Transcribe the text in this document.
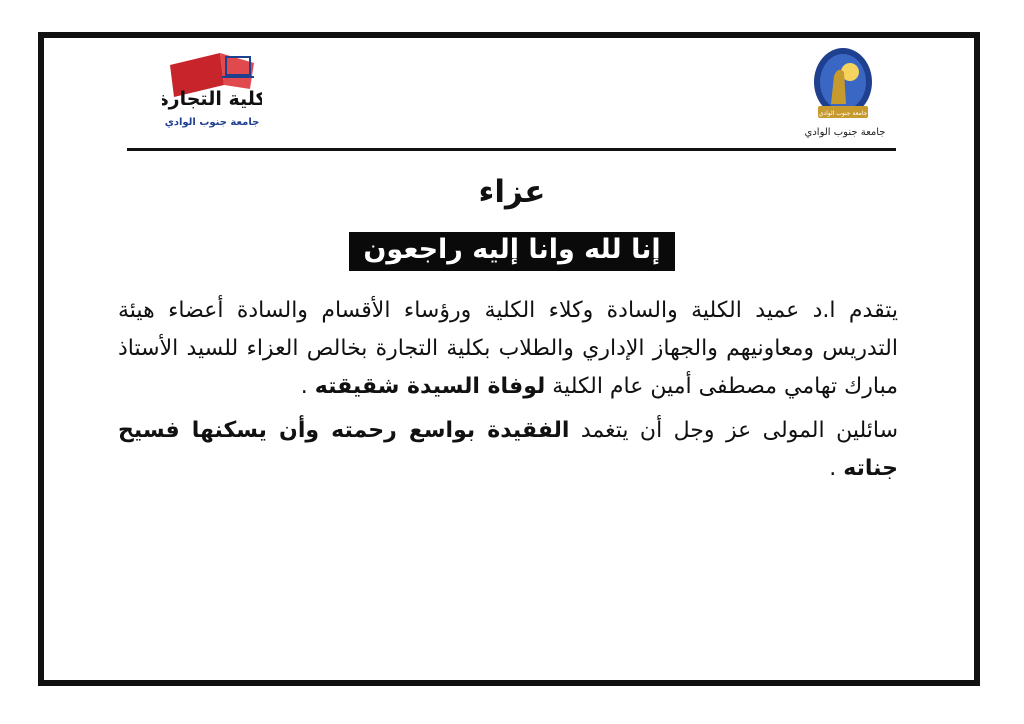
كلية التجارة
جامعة جنوب الوادي
جامعة جنوب الوادي
جامعة جنوب الوادي
عزاء
إنا لله وانا إليه راجعون

يتقدم ا.د عميد الكلية والسادة وكلاء الكلية ورؤساء الأقسام والسادة أعضاء هيئة التدريس ومعاونيهم والجهاز الإداري والطلاب بكلية التجارة بخالص العزاء للسيد الأستاذ مبارك تهامي مصطفى أمين عام الكلية لوفاة السيدة شقيقته .

سائلين المولى عز وجل أن يتغمد الفقيدة بواسع رحمته وأن يسكنها فسيح جناته .
